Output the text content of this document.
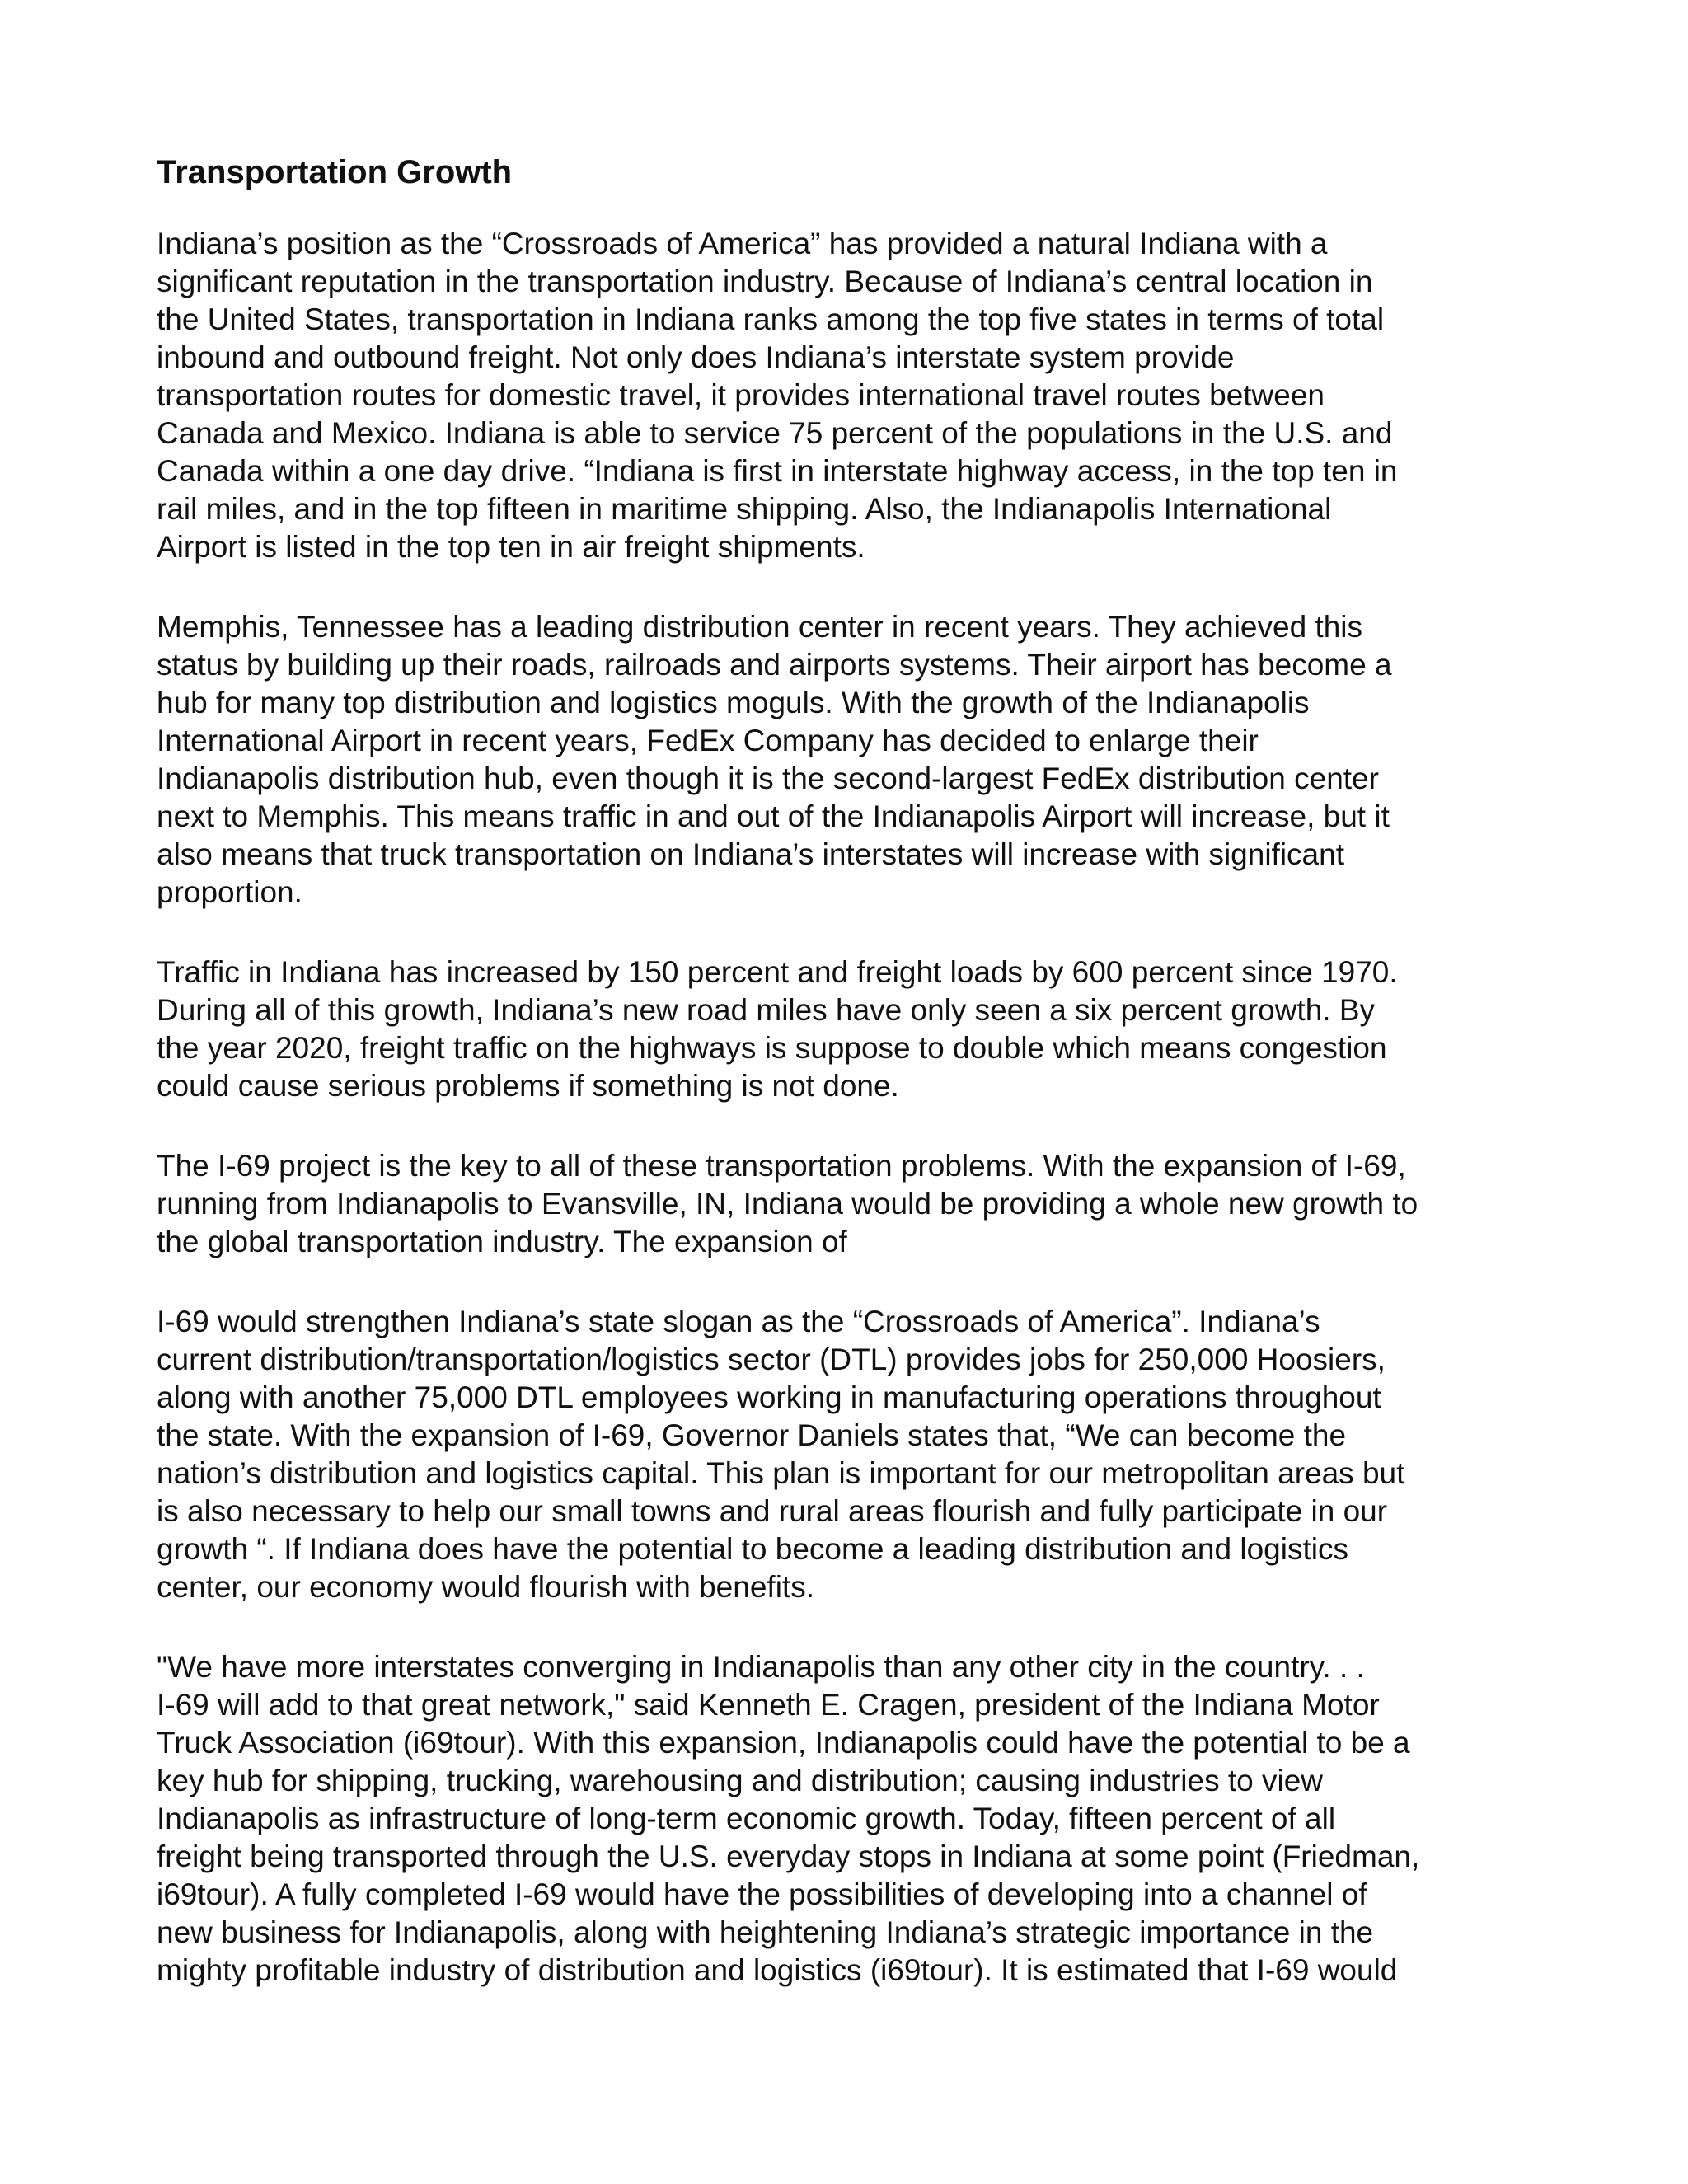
Transportation Growth
Indiana’s position as the “Crossroads of America” has provided a natural Indiana with a
significant reputation in the transportation industry. Because of Indiana’s central location in
the United States, transportation in Indiana ranks among the top five states in terms of total
inbound and outbound freight. Not only does Indiana’s interstate system provide
transportation routes for domestic travel, it provides international travel routes between
Canada and Mexico. Indiana is able to service 75 percent of the populations in the U.S. and
Canada within a one day drive. “Indiana is first in interstate highway access, in the top ten in
rail miles, and in the top fifteen in maritime shipping. Also, the Indianapolis International
Airport is listed in the top ten in air freight shipments.
Memphis, Tennessee has a leading distribution center in recent years. They achieved this
status by building up their roads, railroads and airports systems. Their airport has become a
hub for many top distribution and logistics moguls. With the growth of the Indianapolis
International Airport in recent years, FedEx Company has decided to enlarge their
Indianapolis distribution hub, even though it is the second-largest FedEx distribution center
next to Memphis. This means traffic in and out of the Indianapolis Airport will increase, but it
also means that truck transportation on Indiana’s interstates will increase with significant
proportion.
Traffic in Indiana has increased by 150 percent and freight loads by 600 percent since 1970.
During all of this growth, Indiana’s new road miles have only seen a six percent growth. By
the year 2020, freight traffic on the highways is suppose to double which means congestion
could cause serious problems if something is not done.
The I-69 project is the key to all of these transportation problems. With the expansion of I-69,
running from Indianapolis to Evansville, IN, Indiana would be providing a whole new growth to
the global transportation industry. The expansion of
I-69 would strengthen Indiana’s state slogan as the “Crossroads of America”. Indiana’s
current distribution/transportation/logistics sector (DTL) provides jobs for 250,000 Hoosiers,
along with another 75,000 DTL employees working in manufacturing operations throughout
the state. With the expansion of I-69, Governor Daniels states that, “We can become the
nation’s distribution and logistics capital. This plan is important for our metropolitan areas but
is also necessary to help our small towns and rural areas flourish and fully participate in our
growth “. If Indiana does have the potential to become a leading distribution and logistics
center, our economy would flourish with benefits.
"We have more interstates converging in Indianapolis than any other city in the country. . .
I-69 will add to that great network," said Kenneth E. Cragen, president of the Indiana Motor
Truck Association (i69tour). With this expansion, Indianapolis could have the potential to be a
key hub for shipping, trucking, warehousing and distribution; causing industries to view
Indianapolis as infrastructure of long-term economic growth. Today, fifteen percent of all
freight being transported through the U.S. everyday stops in Indiana at some point (Friedman,
i69tour). A fully completed I-69 would have the possibilities of developing into a channel of
new business for Indianapolis, along with heightening Indiana’s strategic importance in the
mighty profitable industry of distribution and logistics (i69tour). It is estimated that I-69 would
